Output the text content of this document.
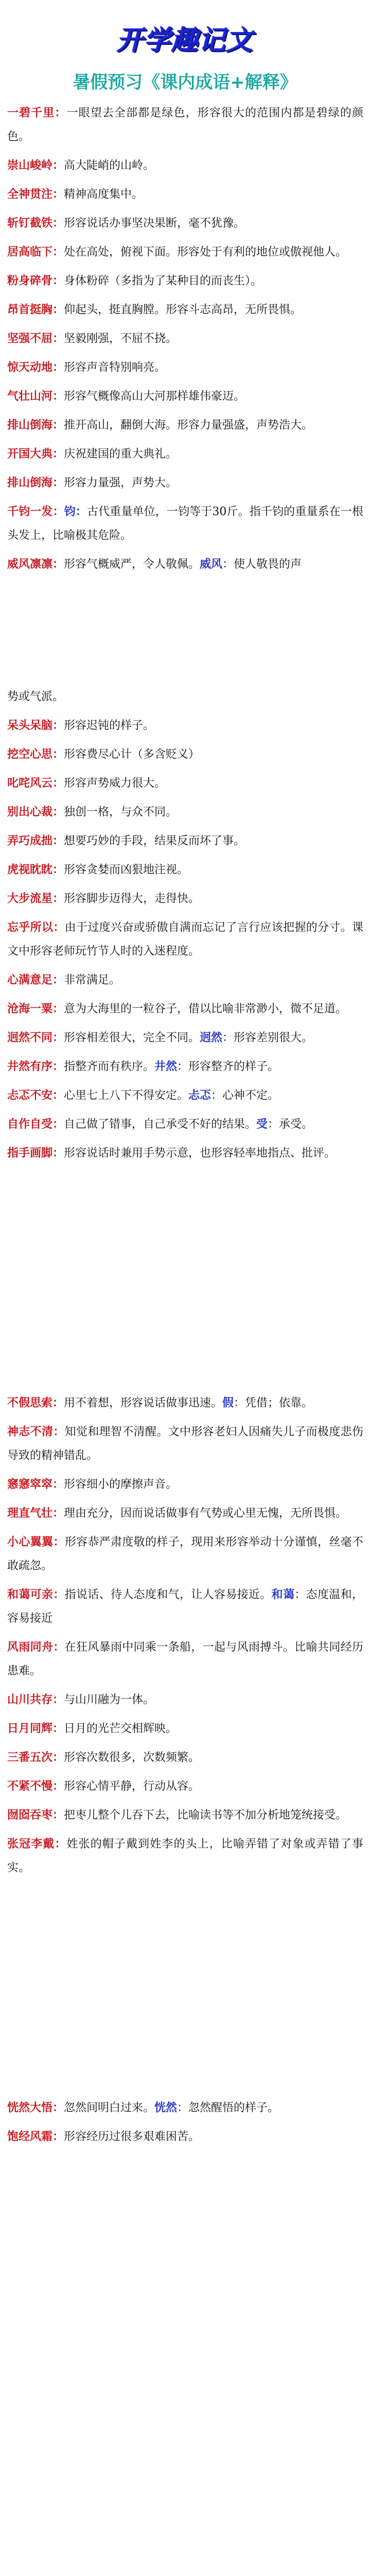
开学趣记文
暑假预习《课内成语+解释》
一碧千里：一眼望去全部都是绿色，形容很大的范围内都是碧绿的颜色。
崇山峻岭：高大陡峭的山岭。
全神贯注：精神高度集中。
斩钉截铁：形容说话办事坚决果断，毫不犹豫。
居高临下：处在高处，俯视下面。形容处于有利的地位或傲视他人。
粉身碎骨：身体粉碎（多指为了某种目的而丧生）。
昂首挺胸：仰起头，挺直胸膛。形容斗志高昂，无所畏惧。
坚强不屈：坚毅刚强，不屈不挠。
惊天动地：形容声音特别响亮。
气壮山河：形容气概像高山大河那样雄伟豪迈。
排山倒海：推开高山，翻倒大海。形容力量强盛，声势浩大。
开国大典：庆祝建国的重大典礼。
排山倒海：形容力量强，声势大。
千钧一发：钧：古代重量单位，一钧等于30斤。指千钧的重量系在一根头发上，比喻极其危险。
威风凛凛：形容气概威严，令人敬佩。威风：使人敬畏的声
势或气派。
呆头呆脑：形容迟钝的样子。
挖空心思：形容费尽心计（多含贬义）
叱咤风云：形容声势威力很大。
别出心裁：独创一格，与众不同。
弄巧成拙：想要巧妙的手段，结果反而坏了事。
虎视眈眈：形容贪婪而凶狠地注视。
大步流星：形容脚步迈得大，走得快。
忘乎所以：由于过度兴奋或骄傲自满而忘记了言行应该把握的分寸。课文中形容老师玩竹节人时的入迷程度。
心满意足：非常满足。
沧海一粟：意为大海里的一粒谷子，借以比喻非常渺小，微不足道。
迥然不同：形容相差很大，完全不同。迥然：形容差别很大。
井然有序：指整齐而有秩序。井然：形容整齐的样子。
忐忑不安：心里七上八下不得安定。忐忑：心神不定。
自作自受：自己做了错事，自己承受不好的结果。受：承受。
指手画脚：形容说话时兼用手势示意，也形容轻率地指点、批评。
不假思索：用不着想，形容说话做事迅速。假：凭借；依靠。
神志不清：知觉和理智不清醒。文中形容老妇人因痛失儿子而极度悲伤导致的精神错乱。
窸窸窣窣：形容细小的摩擦声音。
理直气壮：理由充分，因而说话做事有气势或心里无愧，无所畏惧。
小心翼翼：形容恭严肃度敬的样子，现用来形容举动十分谨慎，丝毫不敢疏忽。
和蔼可亲：指说话、待人态度和气，让人容易接近。和蔼：态度温和，容易接近
风雨同舟：在狂风暴雨中同乘一条船，一起与风雨搏斗。比喻共同经历患难。
山川共存：与山川融为一体。
日月同辉：日月的光芒交相辉映。
三番五次：形容次数很多，次数频繁。
不紧不慢：形容心情平静，行动从容。
囫囵吞枣：把枣儿整个儿吞下去，比喻读书等不加分析地笼统接受。
张冠李戴：姓张的帽子戴到姓李的头上，比喻弄错了对象或弄错了事实。
恍然大悟：忽然间明白过来。恍然：忽然醒悟的样子。
饱经风霜：形容经历过很多艰难困苦。
